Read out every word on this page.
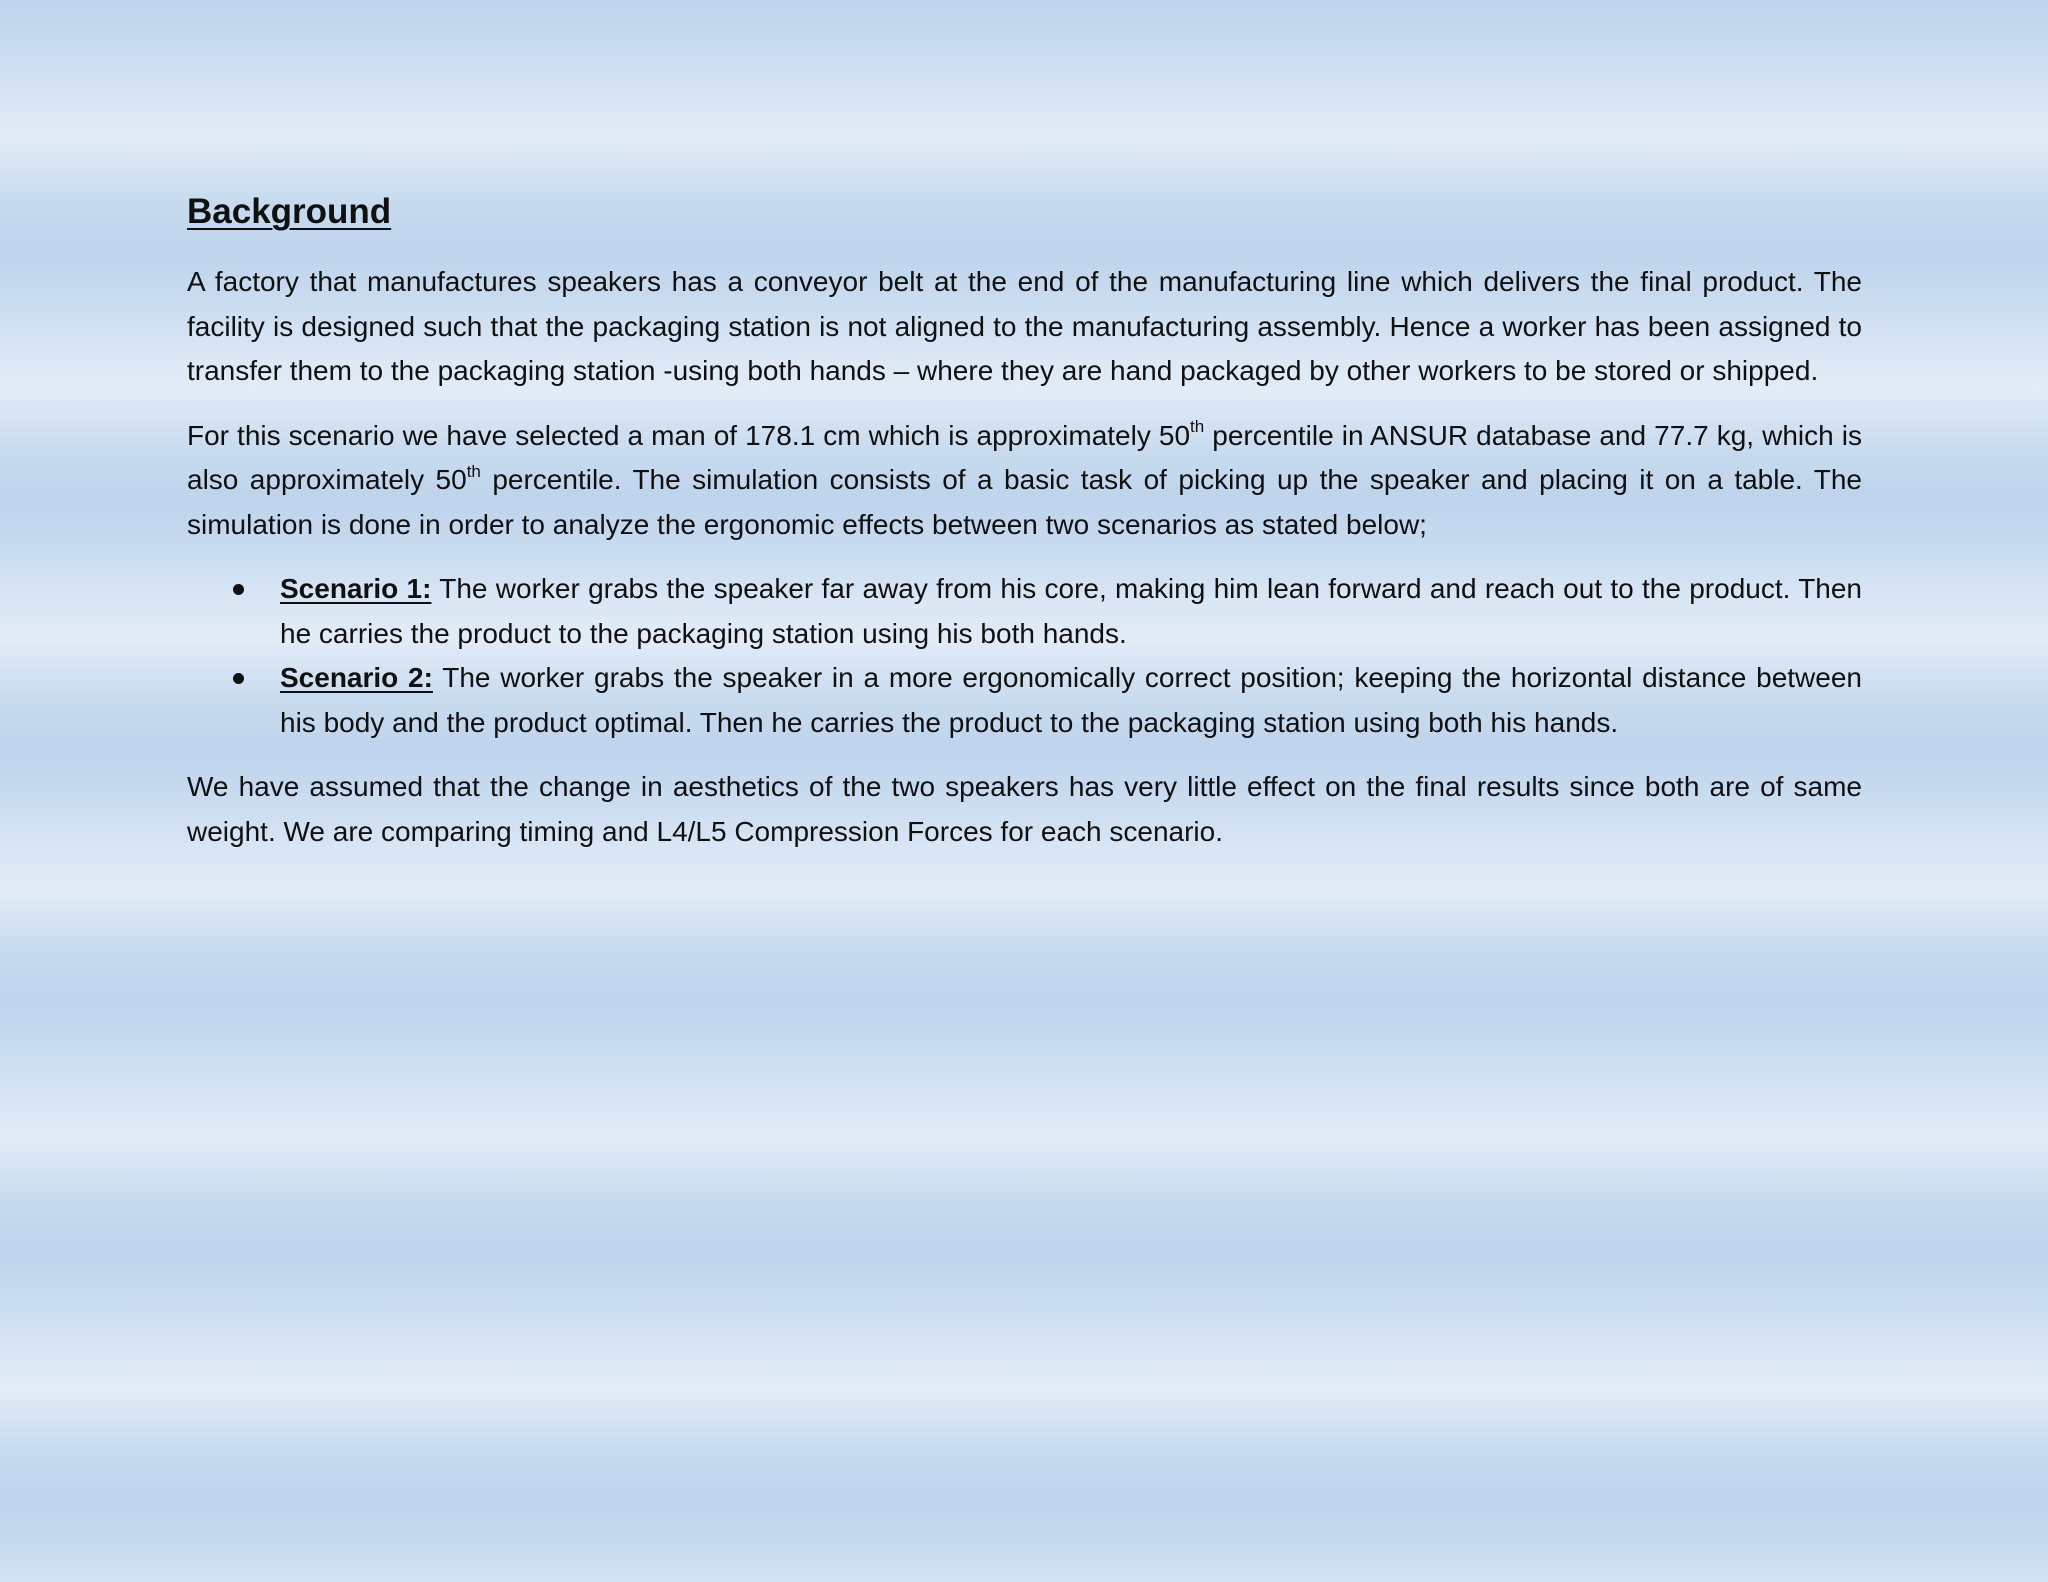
Background

A factory that manufactures speakers has a conveyor belt at the end of the manufacturing line which delivers the final product. The facility is designed such that the packaging station is not aligned to the manufacturing assembly. Hence a worker has been assigned to transfer them to the packaging station -using both hands – where they are hand packaged by other workers to be stored or shipped.

For this scenario we have selected a man of 178.1 cm which is approximately 50th percentile in ANSUR database and 77.7 kg, which is also approximately 50th percentile. The simulation consists of a basic task of picking up the speaker and placing it on a table. The simulation is done in order to analyze the ergonomic effects between two scenarios as stated below;

Scenario 1: The worker grabs the speaker far away from his core, making him lean forward and reach out to the product. Then he carries the product to the packaging station using his both hands.
Scenario 2: The worker grabs the speaker in a more ergonomically correct position; keeping the horizontal distance between his body and the product optimal. Then he carries the product to the packaging station using both his hands.

We have assumed that the change in aesthetics of the two speakers has very little effect on the final results since both are of same weight. We are comparing timing and L4/L5 Compression Forces for each scenario.
